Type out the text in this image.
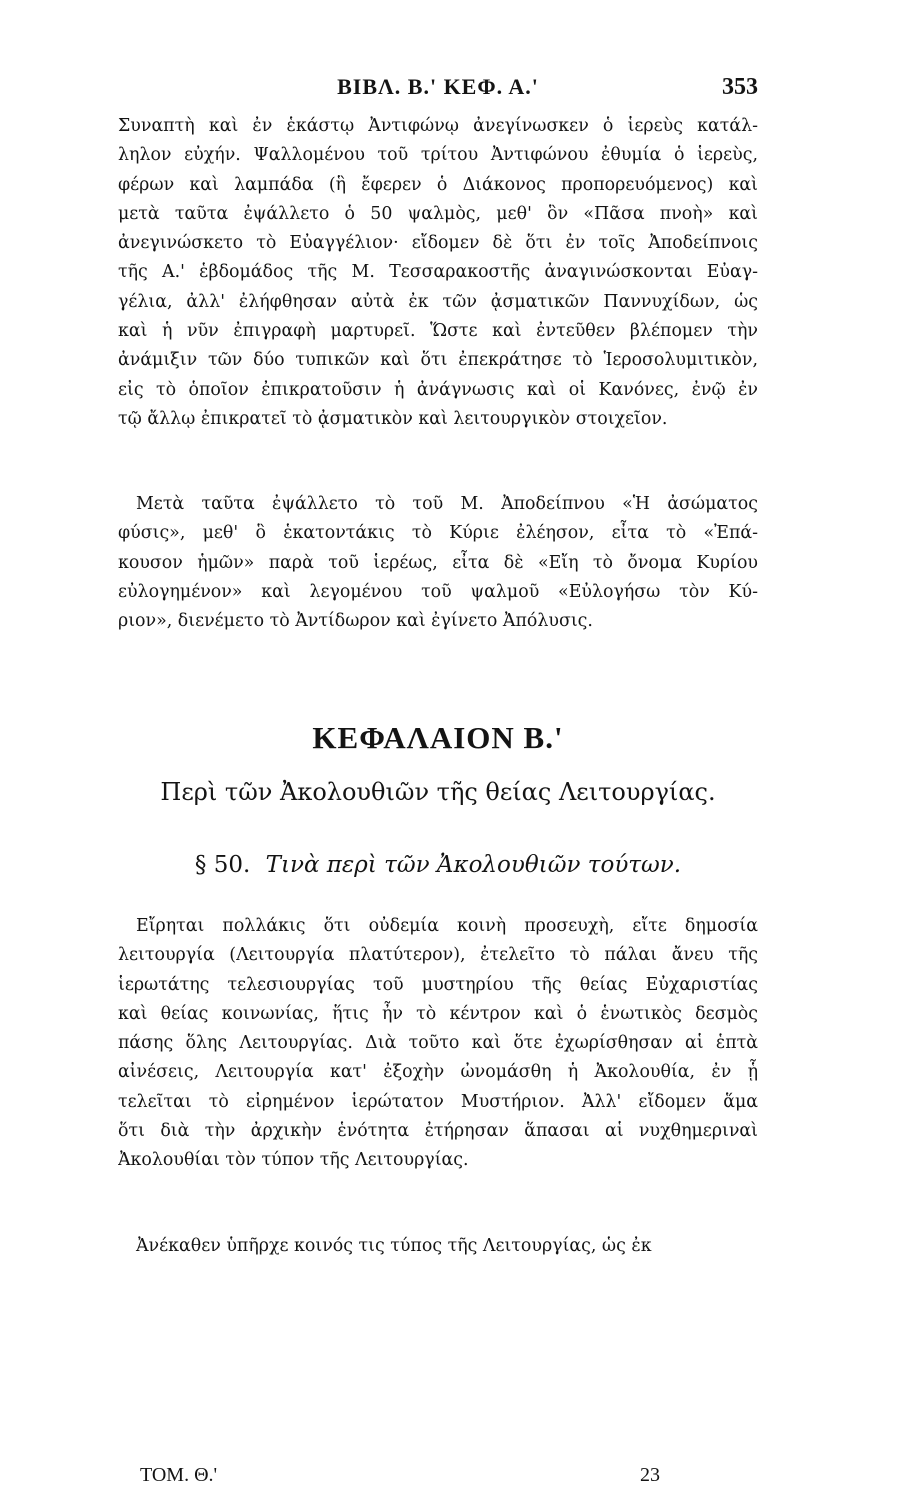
ΒΙΒΛ. Β.' ΚΕΦ. Α.'	353
Συναπτὴ καὶ ἐν ἑκάστῳ Ἀντιφώνῳ ἀνεγίνωσκεν ὁ ἱερεὺς κατάλ-
ληλον εὐχήν. Ψαλλομένου τοῦ τρίτου Ἀντιφώνου ἐθυμία ὁ ἱερεὺς,
φέρων καὶ λαμπάδα (ἣ ἔφερεν ὁ Διάκονος προπορευόμενος) καὶ
μετὰ ταῦτα ἐψάλλετο ὁ 50 ψαλμὸς, μεθ' ὃν «Πᾶσα πνοὴ» καὶ
ἀνεγινώσκετο τὸ Εὐαγγέλιον· εἴδομεν δὲ ὅτι ἐν τοῖς Ἀποδείπνοις
τῆς Α.' ἑβδομάδος τῆς Μ. Τεσσαρακοστῆς ἀναγινώσκονται Εὐαγ-
γέλια, ἀλλ' ἐλήφθησαν αὐτὰ ἐκ τῶν ᾀσματικῶν Παννυχίδων, ὡς
καὶ ἡ νῦν ἐπιγραφὴ μαρτυρεῖ. Ὥστε καὶ ἐντεῦθεν βλέπομεν τὴν
ἀνάμιξιν τῶν δύο τυπικῶν καὶ ὅτι ἐπεκράτησε τὸ Ἱεροσολυμιτικὸν,
εἰς τὸ ὁποῖον ἐπικρατοῦσιν ἡ ἀνάγνωσις καὶ οἱ Κανόνες, ἐνῷ ἐν
τῷ ἄλλῳ ἐπικρατεῖ τὸ ᾀσματικὸν καὶ λειτουργικὸν στοιχεῖον.
Μετὰ ταῦτα ἐψάλλετο τὸ τοῦ Μ. Ἀποδείπνου «Ἡ ἀσώματος
φύσις», μεθ' ὃ ἑκατοντάκις τὸ Κύριε ἐλέησον, εἶτα τὸ «Ἐπά-
κουσον ἡμῶν» παρὰ τοῦ ἱερέως, εἶτα δὲ «Εἴη τὸ ὄνομα Κυρίου
εὐλογημένον» καὶ λεγομένου τοῦ ψαλμοῦ «Εὐλογήσω τὸν Κύ-
ριον», διενέμετο τὸ Ἀντίδωρον καὶ ἐγίνετο Ἀπόλυσις.
ΚΕΦΑΛΑΙΟΝ Β.'
Περὶ τῶν Ἀκολουθιῶν τῆς θείας Λειτουργίας.
§ 50. Τινὰ περὶ τῶν Ἀκολουθιῶν τούτων.
Εἴρηται πολλάκις ὅτι οὐδεμία κοινὴ προσευχὴ, εἴτε δημοσία
λειτουργία (Λειτουργία πλατύτερον), ἐτελεῖτο τὸ πάλαι ἄνευ τῆς
ἱερωτάτης τελεσιουργίας τοῦ μυστηρίου τῆς θείας Εὐχαριστίας
καὶ θείας κοινωνίας, ἥτις ἦν τὸ κέντρον καὶ ὁ ἑνωτικὸς δεσμὸς
πάσης ὅλης Λειτουργίας. Διὰ τοῦτο καὶ ὅτε ἐχωρίσθησαν αἱ ἑπτὰ
αἰνέσεις, Λειτουργία κατ' ἐξοχὴν ὠνομάσθη ἡ Ἀκολουθία, ἐν ᾗ
τελεῖται τὸ εἰρημένον ἱερώτατον Μυστήριον. Ἀλλ' εἴδομεν ἅμα
ὅτι διὰ τὴν ἀρχικὴν ἑνότητα ἐτήρησαν ἅπασαι αἱ νυχθημεριναὶ
Ἀκολουθίαι τὸν τύπον τῆς Λειτουργίας.
Ἀνέκαθεν ὑπῆρχε κοινός τις τύπος τῆς Λειτουργίας, ὡς ἐκ
ΤΟΜ. Θ.'	23
